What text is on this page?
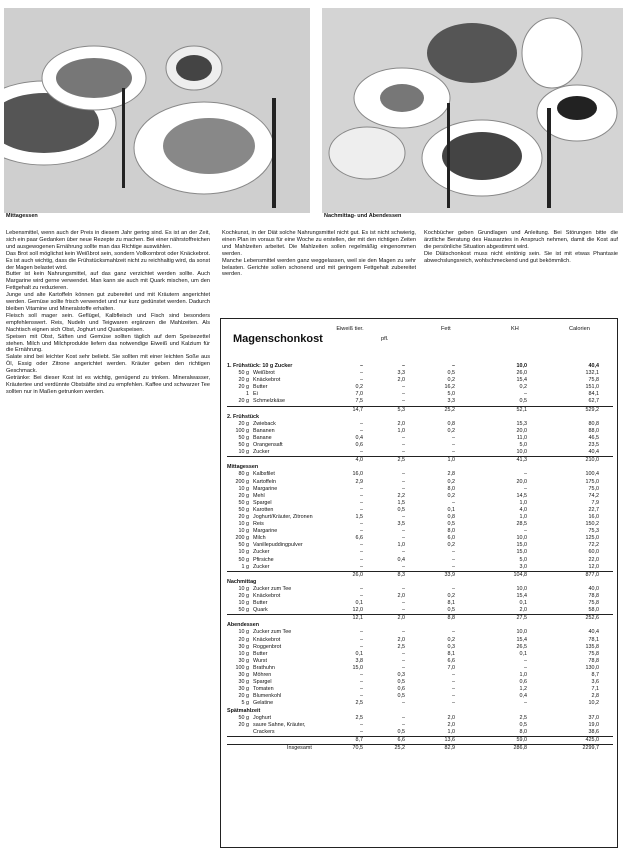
Mittagessen	Nachmittag- und Abendessen

Lebensmittel, wenn auch der Preis in diesem Jahr gering sind. Es ist an der Zeit, sich ein paar Gedanken über neue Rezepte zu machen. Bei einer nährstoffreichen und ausgewogenen Ernährung sollte man das Richtige auswählen.

Das Brot soll möglichst kein Weißbrot sein, sondern Vollkornbrot oder Knäckebrot. Es ist auch wichtig, dass die Frühstücksmahlzeit nicht zu reichhaltig wird, da sonst der Magen belastet wird.

Butter ist kein Nahrungsmittel, auf das ganz verzichtet werden sollte. Auch Margarine wird gerne verwendet. Man kann sie auch mit Quark mischen, um den Fettgehalt zu reduzieren.

Junge und alte Kartoffeln können gut zubereitet und mit Kräutern angerichtet werden. Gemüse sollte frisch verwendet und nur kurz gedünstet werden. Dadurch bleiben Vitamine und Mineralstoffe erhalten.

Fleisch soll mager sein. Geflügel, Kalbfleisch und Fisch sind besonders empfehlenswert. Reis, Nudeln und Teigwaren ergänzen die Mahlzeiten. Als Nachtisch eignen sich Obst, Joghurt und Quarkspeisen.

Speisen mit Obst, Säften und Gemüse sollten täglich auf dem Speisezettel stehen. Milch und Milchprodukte liefern das notwendige Eiweiß und Kalzium für die Ernährung.

Salate sind bei leichter Kost sehr beliebt. Sie sollten mit einer leichten Soße aus Öl, Essig oder Zitrone angerichtet werden. Kräuter geben den richtigen Geschmack.

Getränke: Bei dieser Kost ist es wichtig, genügend zu trinken. Mineralwasser, Kräutertee und verdünnte Obstsäfte sind zu empfehlen. Kaffee und schwarzer Tee sollten nur in Maßen getrunken werden.

Kochkunst, in der Diät solche Nahrungsmittel nicht gut. Es ist nicht schwierig, einen Plan im voraus für eine Woche zu erstellen, der mit den richtigen Zeiten und Mahlzeiten arbeitet. Die Mahlzeiten sollen regelmäßig eingenommen werden.

Manche Lebensmittel werden ganz weggelassen, weil sie den Magen zu sehr belasten. Gerichte sollen schonend und mit geringem Fettgehalt zubereitet werden.

Kochbücher geben Grundlagen und Anleitung. Bei Störungen bitte die ärztliche Beratung des Hausarztes in Anspruch nehmen, damit die Kost auf die persönliche Situation abgestimmt wird.

Die Diätschonkost muss nicht eintönig sein. Sie ist mit etwas Phantasie abwechslungsreich, wohlschmeckend und gut bekömmlich.

Magenschonkost
Eiweiß tier.
pfl.
Fett	KH	Calorien
1. Frühstück: 10 g Zucker	–	–	–	10,0	40,4
50 g Weißbrot	–	3,3	0,5	26,0	132,1
20 g Knäckebrot	–	2,0	0,2	15,4	75,8
20 g Butter	0,2	–	16,2	0,2	151,0
1 Ei	7,0	–	5,0	–	84,1
20 g Schmelzkäse	7,5	–	3,3	0,5	62,7
14,7	5,3	25,2	52,1	529,2
2. Frühstück
20 g Zwieback	–	2,0	0,8	15,3	80,8
100 g Bananen	–	1,0	0,2	20,0	88,0
50 g Banane	0,4	–	–	11,0	46,5
50 g Orangensaft	0,6	–	–	5,0	23,5
10 g Zucker	–	–	–	10,0	40,4
4,0	2,5	1,0	41,3	210,0
Mittagessen
80 g Kalbsfilet	16,0	–	2,8	–	100,4
200 g Kartoffeln	2,9	–	0,2	20,0	175,0
10 g Margarine	–	–	8,0	–	75,0
20 g Mehl	–	2,2	0,2	14,5	74,2
50 g Spargel	–	1,5	–	1,0	7,9
50 g Karotten	–	0,5	0,1	4,0	22,7
20 g Joghurt/Kräuter, Zitronen	1,5	–	0,8	1,0	16,0
10 g Reis	–	3,5	0,5	28,5	150,2
10 g Margarine	–	–	8,0	–	75,3
200 g Milch	6,6	–	6,0	10,0	125,0
50 g Vanillepuddingpulver	–	1,0	0,2	15,0	72,2
10 g Zucker	–	–	–	15,0	60,0
50 g Pfirsiche	–	0,4	–	5,0	22,0
1 g Zucker	–	–	–	3,0	12,0
26,0	8,3	33,9	104,8	877,0
Nachmittag
10 g Zucker zum Tee	–	–	–	10,0	40,0
20 g Knäckebrot	–	2,0	0,2	15,4	78,8
10 g Butter	0,1	–	8,1	0,1	75,8
50 g Quark	12,0	–	0,5	2,0	58,0
12,1	2,0	8,8	27,5	252,6
Abendessen
10 g Zucker zum Tee	–	–	–	10,0	40,4
20 g Knäckebrot	–	2,0	0,2	15,4	78,1
30 g Roggenbrot	–	2,5	0,3	26,5	135,8
10 g Butter	0,1	–	8,1	0,1	75,8
30 g Wurst	3,8	–	6,6	–	78,8
100 g Brathuhn	15,0	–	7,0	–	130,0
30 g Möhren	–	0,3	–	1,0	8,7
30 g Spargel	–	0,5	–	0,6	3,6
30 g Tomaten	–	0,6	–	1,2	7,1
20 g Blumenkohl	–	0,5	–	0,4	2,8
5 g Gelatine	2,5	–	–	–	10,2
Spätmahlzeit
50 g Joghurt	2,5	–	2,0	2,5	37,0
20 g saure Sahne, Kräuter,	–	–	2,0	0,5	19,0
Crackers	–	0,5	1,0	8,0	38,6
8,7	6,6	13,6	59,0	425,0
Insgesamt	70,5	25,2	82,9	286,8	2299,7
